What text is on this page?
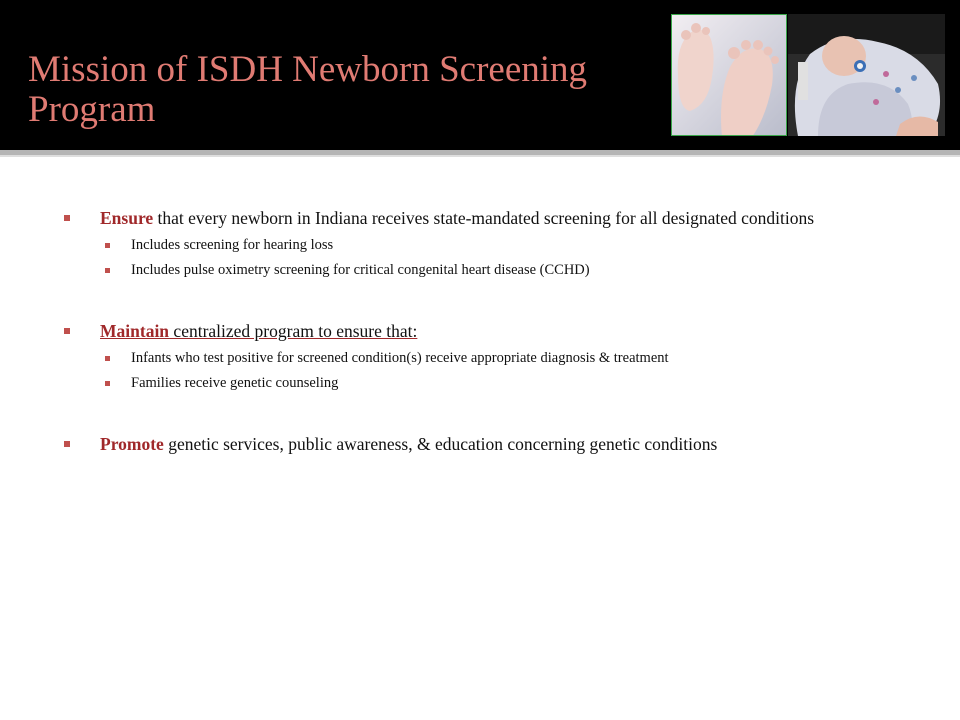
Mission of ISDH Newborn Screening Program
Ensure that every newborn in Indiana receives state-mandated screening for all designated conditions
Includes screening for hearing loss
Includes pulse oximetry screening for critical congenital heart disease (CCHD)
Maintain centralized program to ensure that:
Infants who test positive for screened condition(s) receive appropriate diagnosis & treatment
Families receive genetic counseling
Promote genetic services, public awareness, & education concerning genetic conditions
